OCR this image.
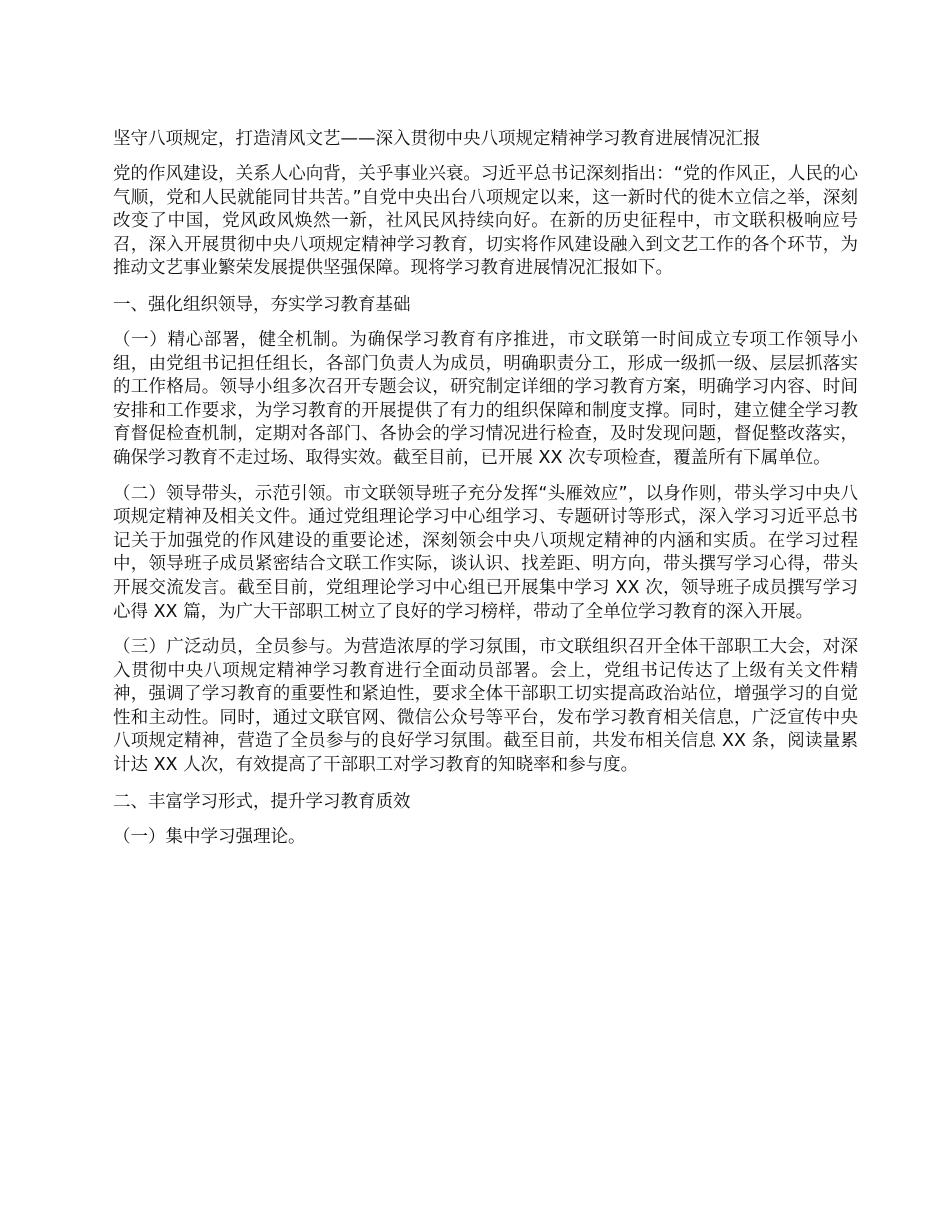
坚守八项规定，打造清风文艺——深入贯彻中央八项规定精神学习教育进展情况汇报

党的作风建设，关系人心向背，关乎事业兴衰。习近平总书记深刻指出：“党的作风正，人民的心气顺，党和人民就能同甘共苦。”自党中央出台八项规定以来，这一新时代的徙木立信之举，深刻改变了中国，党风政风焕然一新，社风民风持续向好。在新的历史征程中，市文联积极响应号召，深入开展贯彻中央八项规定精神学习教育，切实将作风建设融入到文艺工作的各个环节，为推动文艺事业繁荣发展提供坚强保障。现将学习教育进展情况汇报如下。

一、强化组织领导，夯实学习教育基础

（一）精心部署，健全机制。为确保学习教育有序推进，市文联第一时间成立专项工作领导小组，由党组书记担任组长，各部门负责人为成员，明确职责分工，形成一级抓一级、层层抓落实的工作格局。领导小组多次召开专题会议，研究制定详细的学习教育方案，明确学习内容、时间安排和工作要求，为学习教育的开展提供了有力的组织保障和制度支撑。同时，建立健全学习教育督促检查机制，定期对各部门、各协会的学习情况进行检查，及时发现问题，督促整改落实，确保学习教育不走过场、取得实效。截至目前，已开展 XX 次专项检查，覆盖所有下属单位。

（二）领导带头，示范引领。市文联领导班子充分发挥“头雁效应”，以身作则，带头学习中央八项规定精神及相关文件。通过党组理论学习中心组学习、专题研讨等形式，深入学习习近平总书记关于加强党的作风建设的重要论述，深刻领会中央八项规定精神的内涵和实质。在学习过程中，领导班子成员紧密结合文联工作实际，谈认识、找差距、明方向，带头撰写学习心得，带头开展交流发言。截至目前，党组理论学习中心组已开展集中学习 XX 次，领导班子成员撰写学习心得 XX 篇，为广大干部职工树立了良好的学习榜样，带动了全单位学习教育的深入开展。

（三）广泛动员，全员参与。为营造浓厚的学习氛围，市文联组织召开全体干部职工大会，对深入贯彻中央八项规定精神学习教育进行全面动员部署。会上，党组书记传达了上级有关文件精神，强调了学习教育的重要性和紧迫性，要求全体干部职工切实提高政治站位，增强学习的自觉性和主动性。同时，通过文联官网、微信公众号等平台，发布学习教育相关信息，广泛宣传中央八项规定精神，营造了全员参与的良好学习氛围。截至目前，共发布相关信息 XX 条，阅读量累计达 XX 人次，有效提高了干部职工对学习教育的知晓率和参与度。

二、丰富学习形式，提升学习教育质效

（一）集中学习强理论。
